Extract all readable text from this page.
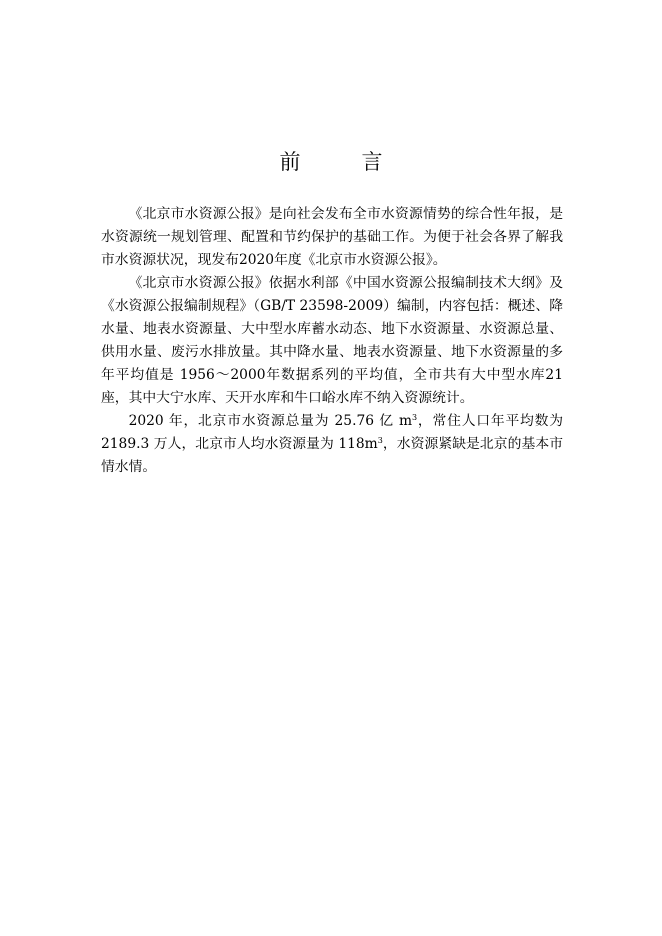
前　言

《北京市水资源公报》是向社会发布全市水资源情势的综合性年报，是水资源统一规划管理、配置和节约保护的基础工作。为便于社会各界了解我市水资源状况，现发布2020年度《北京市水资源公报》。

《北京市水资源公报》依据水利部《中国水资源公报编制技术大纲》及《水资源公报编制规程》（GB/T 23598-2009）编制，内容包括：概述、降水量、地表水资源量、大中型水库蓄水动态、地下水资源量、水资源总量、供用水量、废污水排放量。其中降水量、地表水资源量、地下水资源量的多年平均值是 1956～2000年数据系列的平均值，全市共有大中型水库21座，其中大宁水库、天开水库和牛口峪水库不纳入资源统计。

2020 年，北京市水资源总量为 25.76 亿 $m^3$，常住人口年平均数为 2189.3 万人，北京市人均水资源量为 $118m^3$，水资源紧缺是北京的基本市情水情。
